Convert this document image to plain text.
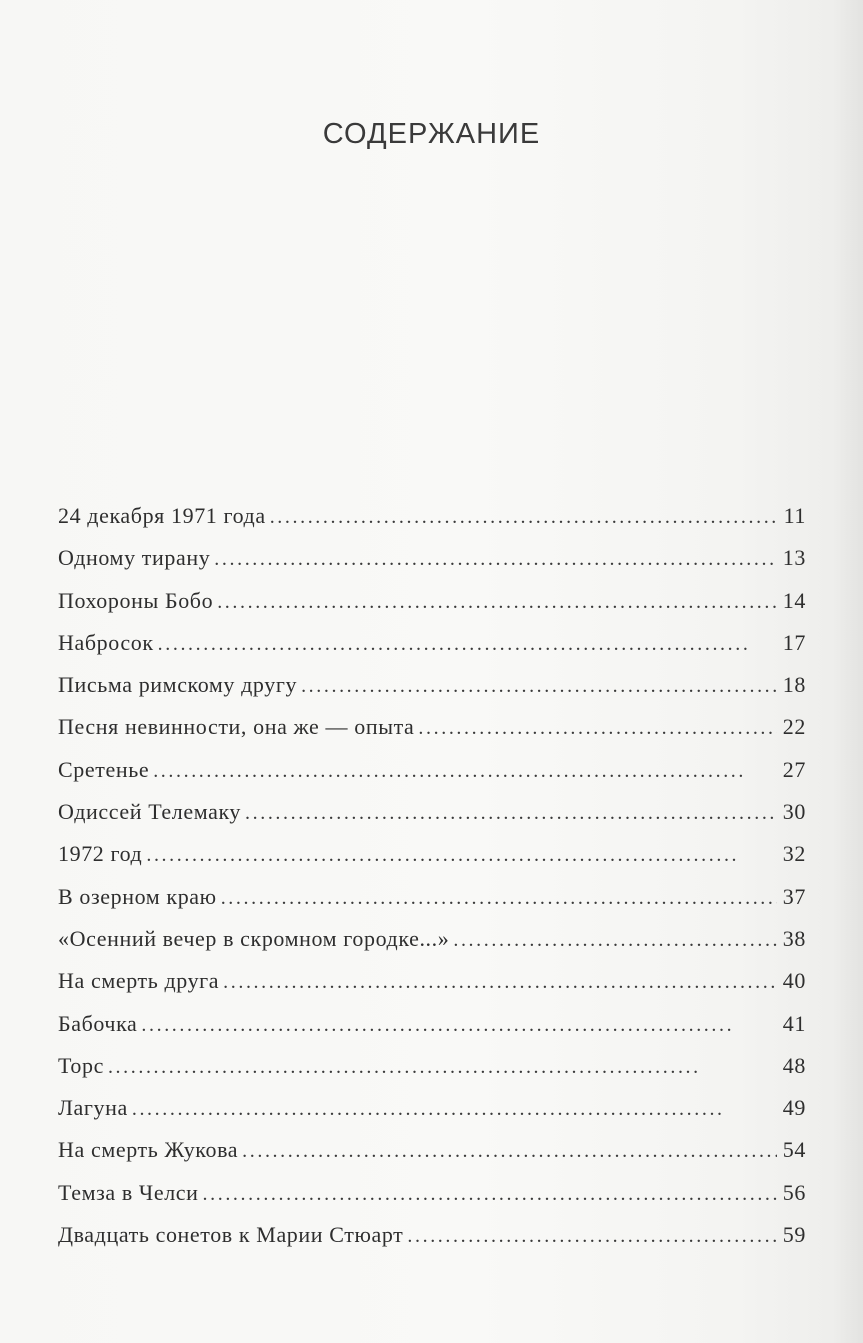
СОДЕРЖАНИЕ
24 декабря 1971 года . . .	11
Одному тирану . . .	13
Похороны Бобо . . .	14
Набросок . . .	17
Письма римскому другу . . .	18
Песня невинности, она же — опыта . . .	22
Сретенье . . .	27
Одиссей Телемаку . . .	30
1972 год . . .	32
В озерном краю . . .	37
«Осенний вечер в скромном городке...» . . .	38
На смерть друга . . .	40
Бабочка . . .	41
Торс . . .	48
Лагуна . . .	49
На смерть Жукова . . .	54
Темза в Челси . . .	56
Двадцать сонетов к Марии Стюарт . . .	59
